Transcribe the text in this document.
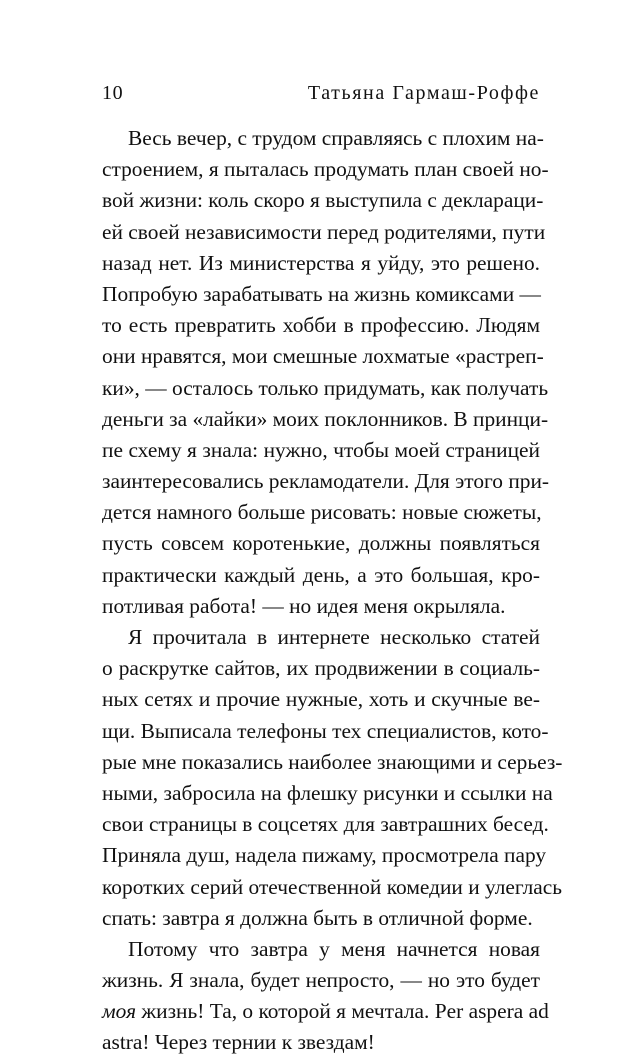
10	Татьяна Гармаш-Роффе
Весь вечер, с трудом справляясь с плохим на-
строением, я пыталась продумать план своей но-
вой жизни: коль скоро я выступила с деклараци-
ей своей независимости перед родителями, пути
назад нет. Из министерства я уйду, это решено.
Попробую зарабатывать на жизнь комиксами —
то есть превратить хобби в профессию. Людям
они нравятся, мои смешные лохматые «растреп-
ки», — осталось только придумать, как получать
деньги за «лайки» моих поклонников. В принци-
пе схему я знала: нужно, чтобы моей страницей
заинтересовались рекламодатели. Для этого при-
дется намного больше рисовать: новые сюжеты,
пусть совсем коротенькие, должны появляться
практически каждый день, а это большая, кро-
потливая работа! — но идея меня окрыляла.
Я прочитала в интернете несколько статей
о раскрутке сайтов, их продвижении в социаль-
ных сетях и прочие нужные, хоть и скучные ве-
щи. Выписала телефоны тех специалистов, кото-
рые мне показались наиболее знающими и серьез-
ными, забросила на флешку рисунки и ссылки на
свои страницы в соцсетях для завтрашних бесед.
Приняла душ, надела пижаму, просмотрела пару
коротких серий отечественной комедии и улеглась
спать: завтра я должна быть в отличной форме.
Потому что завтра у меня начнется новая
жизнь. Я знала, будет непросто, — но это будет
моя жизнь! Та, о которой я мечтала. Per aspera ad
astra! Через тернии к звездам!
